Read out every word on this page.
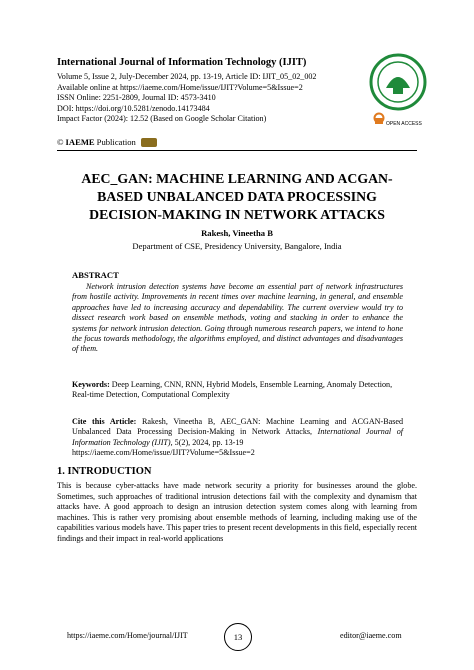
International Journal of Information Technology (IJIT)
Volume 5, Issue 2, July-December 2024, pp. 13-19, Article ID: IJIT_05_02_002
Available online at https://iaeme.com/Home/issue/IJIT?Volume=5&Issue=2
ISSN Online: 2251-2809, Journal ID: 4573-3410
DOI: https://doi.org/10.5281/zenodo.14173484
Impact Factor (2024): 12.52 (Based on Google Scholar Citation)
OPEN ACCESS
© IAEME Publication
AEC_GAN: MACHINE LEARNING AND ACGAN-
BASED UNBALANCED DATA PROCESSING
DECISION-MAKING IN NETWORK ATTACKS
Rakesh, Vineetha B
Department of CSE, Presidency University, Bangalore, India
ABSTRACT
Network intrusion detection systems have become an essential part of network infrastructures from hostile activity. Improvements in recent times over machine learning, in general, and ensemble approaches have led to increasing accuracy and dependability. The current overview would try to dissect research work based on ensemble methods, voting and stacking in order to enhance the systems for network intrusion detection. Going through numerous research papers, we intend to hone the focus towards methodology, the algorithms employed, and distinct advantages and disadvantages of them.
Keywords: Deep Learning, CNN, RNN, Hybrid Models, Ensemble Learning, Anomaly Detection, Real-time Detection, Computational Complexity
Cite this Article: Rakesh, Vineetha B, AEC_GAN: Machine Learning and ACGAN-Based Unbalanced Data Processing Decision-Making in Network Attacks, International Journal of Information Technology (IJIT), 5(2), 2024, pp. 13-19
https://iaeme.com/Home/issue/IJIT?Volume=5&Issue=2
1. INTRODUCTION
This is because cyber-attacks have made network security a priority for businesses around the globe. Sometimes, such approaches of traditional intrusion detections fail with the complexity and dynamism that attacks have. A good approach to design an intrusion detection system comes along with learning from machines. This is rather very promising about ensemble methods of learning, including making use of the capabilities various models have. This paper tries to present recent developments in this field, especially recent findings and their impact in real-world applications
https://iaeme.com/Home/journal/IJIT	13	editor@iaeme.com
